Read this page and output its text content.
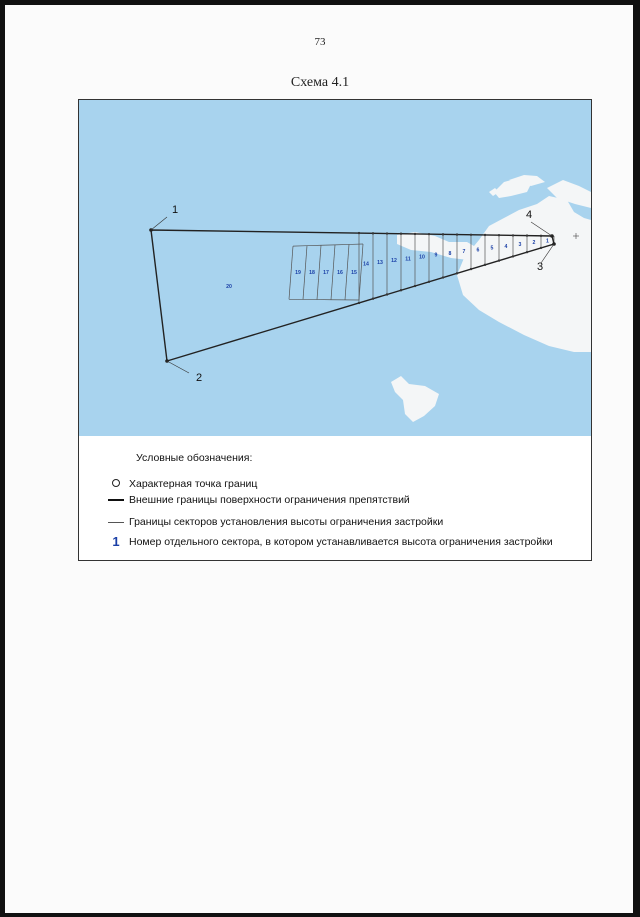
73
Схема 4.1
1
2
3
4
5
6
7
8
9
10
11
12
13
14
15
16
17
18
19
20
1
2
3
4
Условные обозначения:
Характерная точка границ
Внешние границы поверхности ограничения препятствий
Границы секторов установления высоты ограничения застройки
1 Номер отдельного сектора, в котором устанавливается высота ограничения застройки
